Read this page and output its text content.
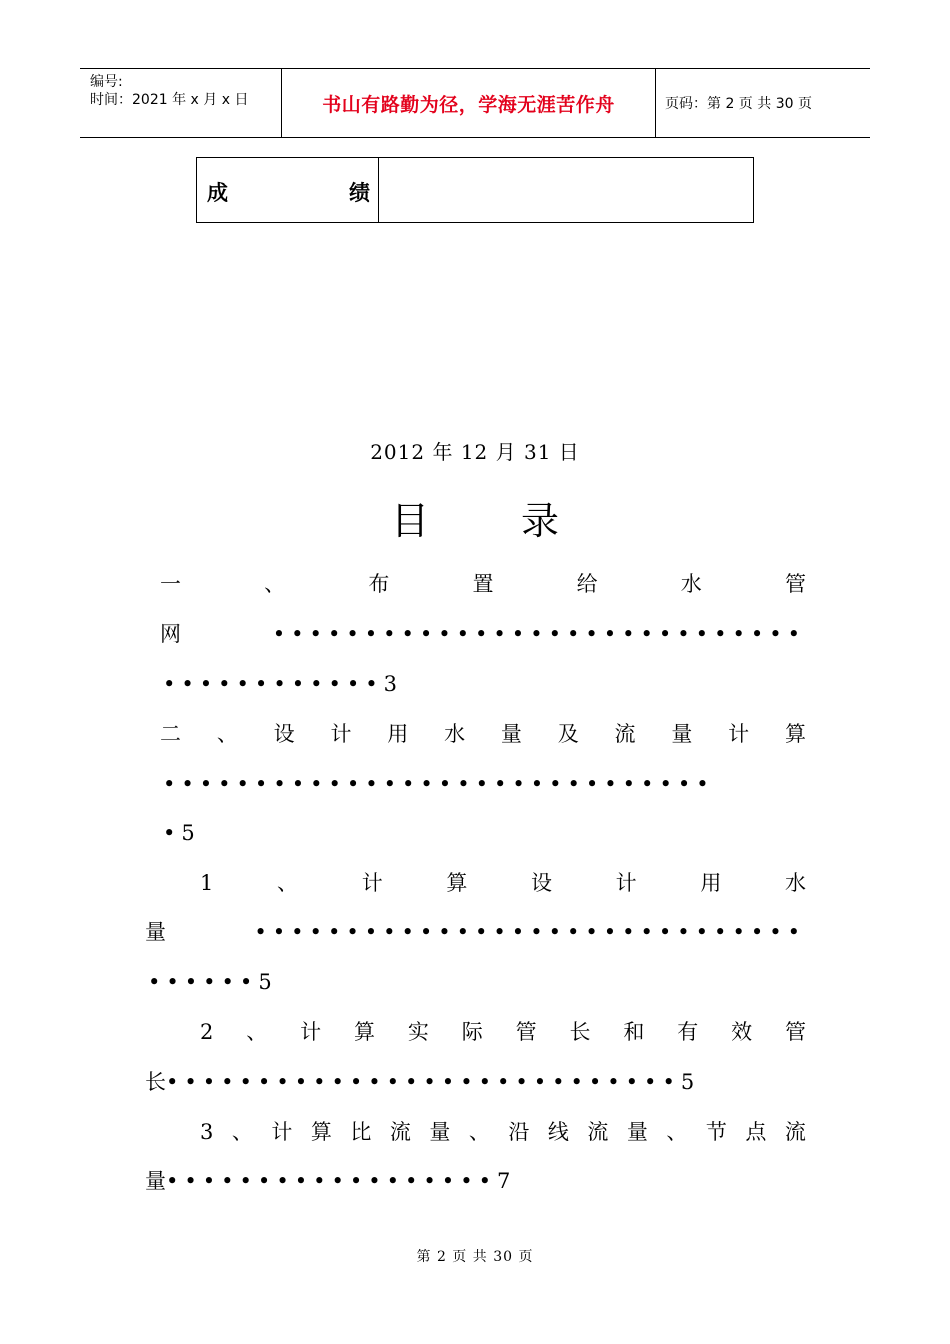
编号:
时间：2021 年 x 月 x 日	书山有路勤为径，学海无涯苦作舟	页码：第 2 页 共 30 页
成	绩
2012 年 12 月 31 日
目 录
一	、	布	置	给	水	管
网	•••••••••••••••••••••••••••••
••••••••••••3
二 、 设 计 用 水 量 及 流 量 计 算
••••••••••••••••••••••••••••••
•5
1	、	计	算	设	计	用	水
量	••••••••••••••••••••••••••••••
••••••5
2 、 计 算 实 际 管 长 和 有 效 管
长••••••••••••••••••••••••••••5
3 、 计 算 比 流 量 、 沿 线 流 量 、 节 点 流
量••••••••••••••••••7
第 2 页 共 30 页
